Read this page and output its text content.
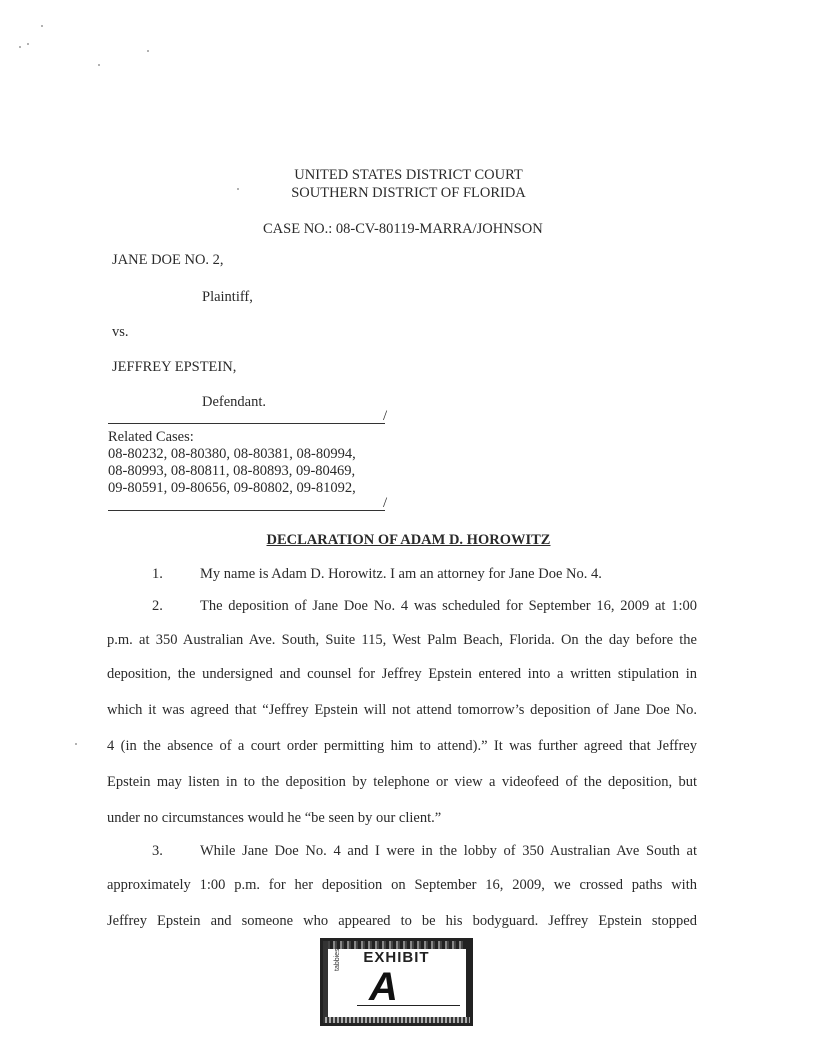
UNITED STATES DISTRICT COURT
SOUTHERN DISTRICT OF FLORIDA
CASE NO.: 08-CV-80119-MARRA/JOHNSON
JANE DOE NO. 2,
Plaintiff,
vs.
JEFFREY EPSTEIN,
Defendant.
/
Related Cases:
08-80232, 08-80380, 08-80381, 08-80994,
08-80993, 08-80811, 08-80893, 09-80469,
09-80591, 09-80656, 09-80802, 09-81092,
/
DECLARATION OF ADAM D. HOROWITZ
1.	My name is Adam D. Horowitz. I am an attorney for Jane Doe No. 4.
2.	The deposition of Jane Doe No. 4 was scheduled for September 16, 2009 at 1:00
p.m. at 350 Australian Ave. South, Suite 115, West Palm Beach, Florida. On the day before the
deposition, the undersigned and counsel for Jeffrey Epstein entered into a written stipulation in
which it was agreed that “Jeffrey Epstein will not attend tomorrow’s deposition of Jane Doe No.
4 (in the absence of a court order permitting him to attend).” It was further agreed that Jeffrey
Epstein may listen in to the deposition by telephone or view a videofeed of the deposition, but
under no circumstances would he “be seen by our client.”
3.	While Jane Doe No. 4 and I were in the lobby of 350 Australian Ave South at
approximately 1:00 p.m. for her deposition on September 16, 2009, we crossed paths with
Jeffrey Epstein and someone who appeared to be his bodyguard. Jeffrey Epstein stopped
EXHIBIT
tabbies
A
